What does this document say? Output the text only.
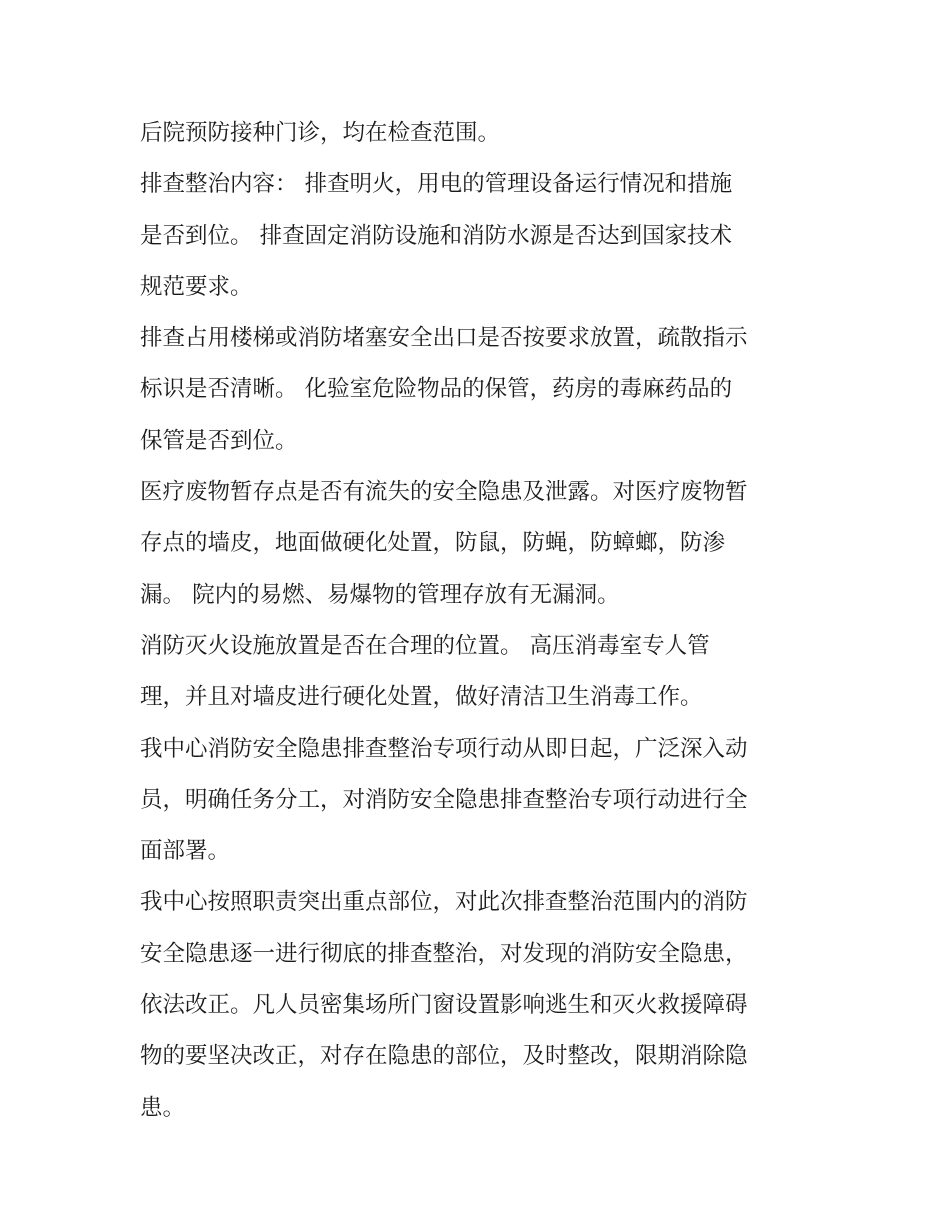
后院预防接种门诊，均在检查范围。
排查整治内容： 排查明火，用电的管理设备运行情况和措施
是否到位。 排查固定消防设施和消防水源是否达到国家技术
规范要求。
排查占用楼梯或消防堵塞安全出口是否按要求放置，疏散指示
标识是否清晰。 化验室危险物品的保管，药房的毒麻药品的
保管是否到位。
医疗废物暂存点是否有流失的安全隐患及泄露。对医疗废物暂
存点的墙皮，地面做硬化处置，防鼠，防蝇，防蟑螂，防渗
漏。 院内的易燃、易爆物的管理存放有无漏洞。
消防灭火设施放置是否在合理的位置。 高压消毒室专人管
理，并且对墙皮进行硬化处置，做好清洁卫生消毒工作。
我中心消防安全隐患排查整治专项行动从即日起，广泛深入动
员，明确任务分工，对消防安全隐患排查整治专项行动进行全
面部署。
我中心按照职责突出重点部位，对此次排查整治范围内的消防
安全隐患逐一进行彻底的排查整治，对发现的消防安全隐患，
依法改正。凡人员密集场所门窗设置影响逃生和灭火救援障碍
物的要坚决改正，对存在隐患的部位，及时整改，限期消除隐
患。
